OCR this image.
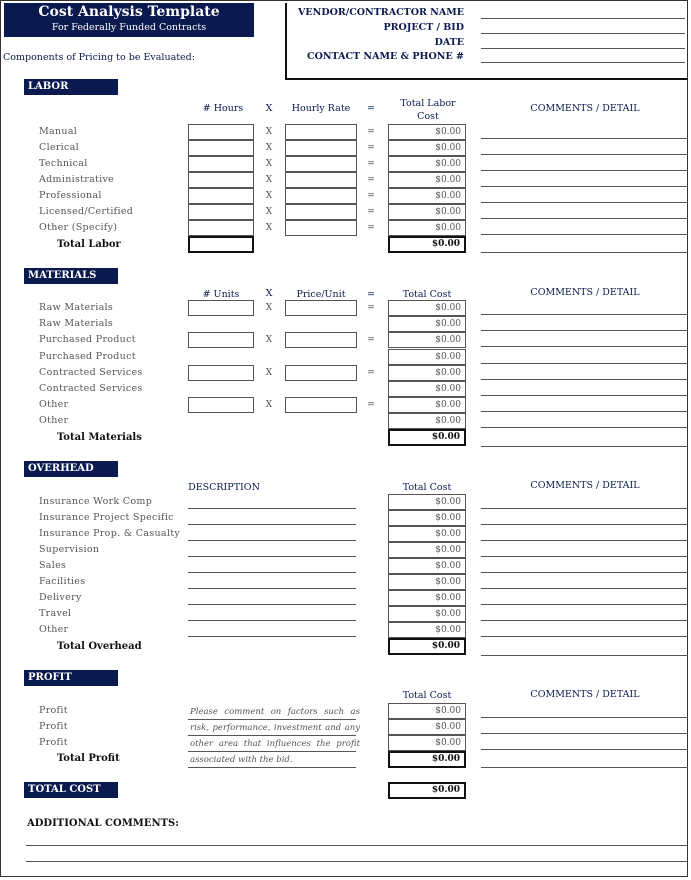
Cost Analysis Template
For Federally Funded Contracts
VENDOR/CONTRACTOR NAME
PROJECT / BID
DATE
CONTACT NAME & PHONE #
Components of Pricing to be Evaluated:
LABOR
# Hours	X	Hourly Rate	=	Total Labor Cost
COMMENTS / DETAIL
Manual	X	=	$0.00
Clerical	X	=	$0.00
Technical	X	=	$0.00
Administrative	X	=	$0.00
Professional	X	=	$0.00
Licensed/Certified	X	=	$0.00
Other (Specify)	X	=	$0.00
Total Labor	$0.00
MATERIALS
# Units	X	Price/Unit	=	Total Cost	COMMENTS / DETAIL
Raw Materials	X	=	$0.00
Raw Materials	$0.00
Purchased Product	X	=	$0.00
Purchased Product	$0.00
Contracted Services	X	=	$0.00
Contracted Services	$0.00
Other	X	=	$0.00
Other	$0.00
Total Materials	$0.00
OVERHEAD
DESCRIPTION	Total Cost	COMMENTS / DETAIL
Insurance Work Comp	$0.00
Insurance Project Specific	$0.00
Insurance Prop. & Casualty	$0.00
Supervision	$0.00
Sales	$0.00
Facilities	$0.00
Delivery	$0.00
Travel	$0.00
Other	$0.00
Total Overhead	$0.00
PROFIT
Total Cost	COMMENTS / DETAIL
Please comment on factors such as risk, performance, investment and any other area that influences the profit associated with the bid.
Profit	$0.00
Profit	$0.00
Profit	$0.00
Total Profit	$0.00
TOTAL COST	$0.00
ADDITIONAL COMMENTS:
